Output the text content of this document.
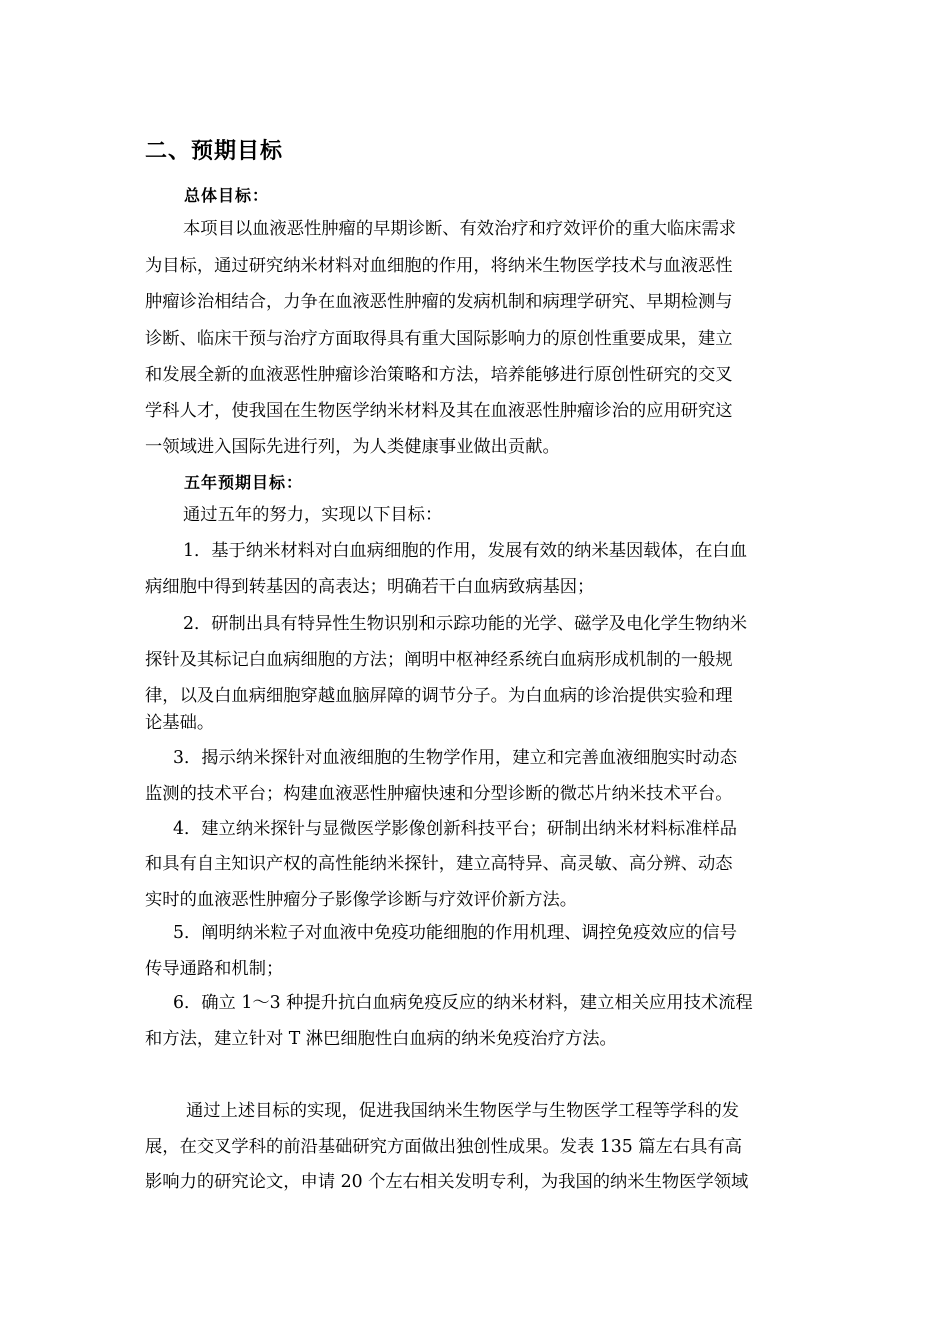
二、预期目标
总体目标：
本项目以血液恶性肿瘤的早期诊断、有效治疗和疗效评价的重大临床需求
为目标，通过研究纳米材料对血细胞的作用，将纳米生物医学技术与血液恶性
肿瘤诊治相结合，力争在血液恶性肿瘤的发病机制和病理学研究、早期检测与
诊断、临床干预与治疗方面取得具有重大国际影响力的原创性重要成果，建立
和发展全新的血液恶性肿瘤诊治策略和方法，培养能够进行原创性研究的交叉
学科人才，使我国在生物医学纳米材料及其在血液恶性肿瘤诊治的应用研究这
一领域进入国际先进行列，为人类健康事业做出贡献。
五年预期目标：
通过五年的努力，实现以下目标：
1．基于纳米材料对白血病细胞的作用，发展有效的纳米基因载体，在白血
病细胞中得到转基因的高表达；明确若干白血病致病基因；
2．研制出具有特异性生物识别和示踪功能的光学、磁学及电化学生物纳米
探针及其标记白血病细胞的方法；阐明中枢神经系统白血病形成机制的一般规
律，以及白血病细胞穿越血脑屏障的调节分子。为白血病的诊治提供实验和理
论基础。
3．揭示纳米探针对血液细胞的生物学作用，建立和完善血液细胞实时动态
监测的技术平台；构建血液恶性肿瘤快速和分型诊断的微芯片纳米技术平台。
4．建立纳米探针与显微医学影像创新科技平台；研制出纳米材料标准样品
和具有自主知识产权的高性能纳米探针，建立高特异、高灵敏、高分辨、动态
实时的血液恶性肿瘤分子影像学诊断与疗效评价新方法。
5．阐明纳米粒子对血液中免疫功能细胞的作用机理、调控免疫效应的信号
传导通路和机制；
6．确立 1～3 种提升抗白血病免疫反应的纳米材料，建立相关应用技术流程
和方法，建立针对 T 淋巴细胞性白血病的纳米免疫治疗方法。
通过上述目标的实现，促进我国纳米生物医学与生物医学工程等学科的发
展，在交叉学科的前沿基础研究方面做出独创性成果。发表 135 篇左右具有高
影响力的研究论文，申请 20 个左右相关发明专利，为我国的纳米生物医学领域
